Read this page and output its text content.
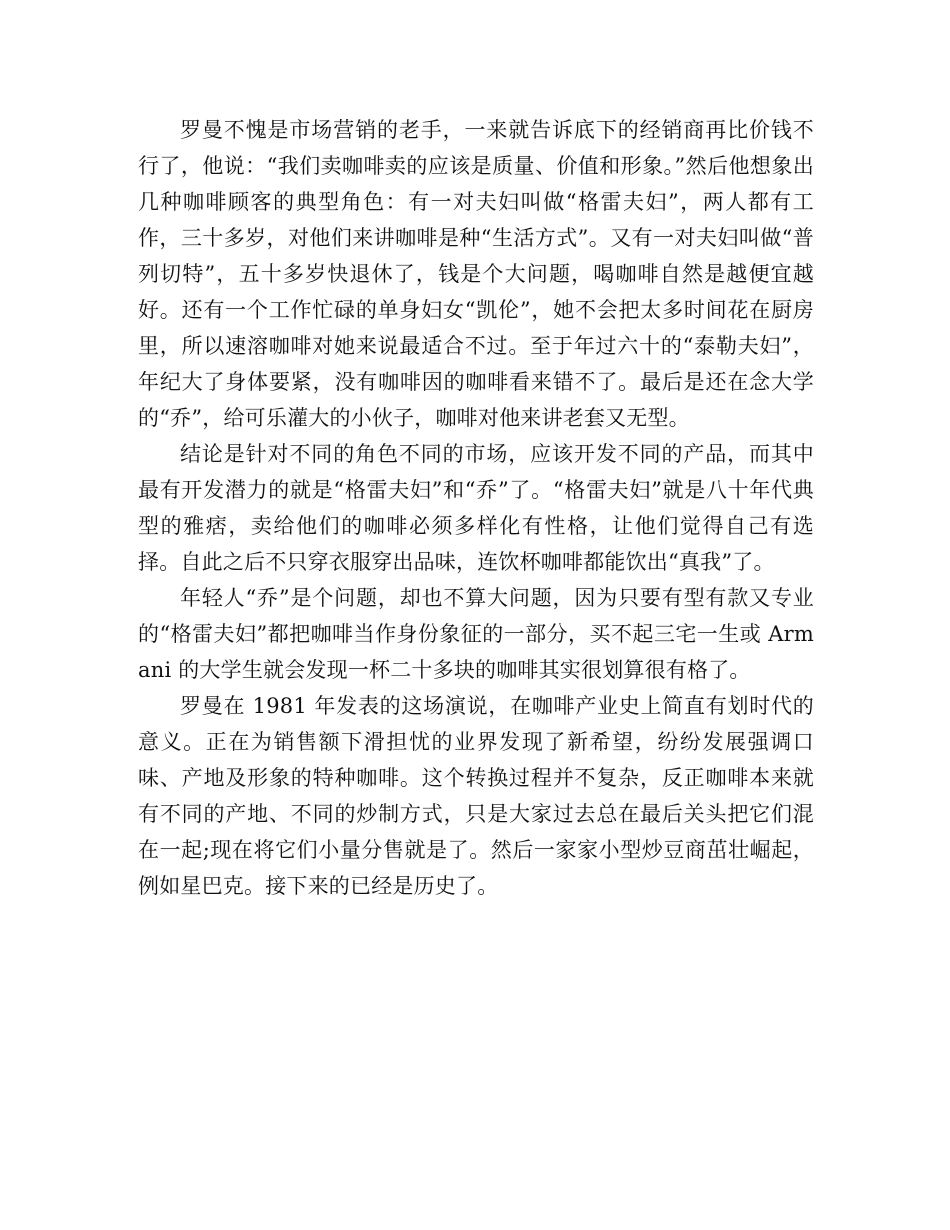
罗曼不愧是市场营销的老手，一来就告诉底下的经销商再比价钱不行了，他说：“我们卖咖啡卖的应该是质量、价值和形象。”然后他想象出几种咖啡顾客的典型角色：有一对夫妇叫做“格雷夫妇”，两人都有工作，三十多岁，对他们来讲咖啡是种“生活方式”。又有一对夫妇叫做“普列切特”，五十多岁快退休了，钱是个大问题，喝咖啡自然是越便宜越好。还有一个工作忙碌的单身妇女“凯伦”，她不会把太多时间花在厨房里，所以速溶咖啡对她来说最适合不过。至于年过六十的“泰勒夫妇”，年纪大了身体要紧，没有咖啡因的咖啡看来错不了。最后是还在念大学的“乔”，给可乐灌大的小伙子，咖啡对他来讲老套又无型。

结论是针对不同的角色不同的市场，应该开发不同的产品，而其中最有开发潜力的就是“格雷夫妇”和“乔”了。“格雷夫妇”就是八十年代典型的雅痞，卖给他们的咖啡必须多样化有性格，让他们觉得自己有选择。自此之后不只穿衣服穿出品味，连饮杯咖啡都能饮出“真我”了。

年轻人“乔”是个问题，却也不算大问题，因为只要有型有款又专业的“格雷夫妇”都把咖啡当作身份象征的一部分，买不起三宅一生或 Armani 的大学生就会发现一杯二十多块的咖啡其实很划算很有格了。

罗曼在 1981 年发表的这场演说，在咖啡产业史上简直有划时代的意义。正在为销售额下滑担忧的业界发现了新希望，纷纷发展强调口味、产地及形象的特种咖啡。这个转换过程并不复杂，反正咖啡本来就有不同的产地、不同的炒制方式，只是大家过去总在最后关头把它们混在一起;现在将它们小量分售就是了。然后一家家小型炒豆商茁壮崛起，例如星巴克。接下来的已经是历史了。
